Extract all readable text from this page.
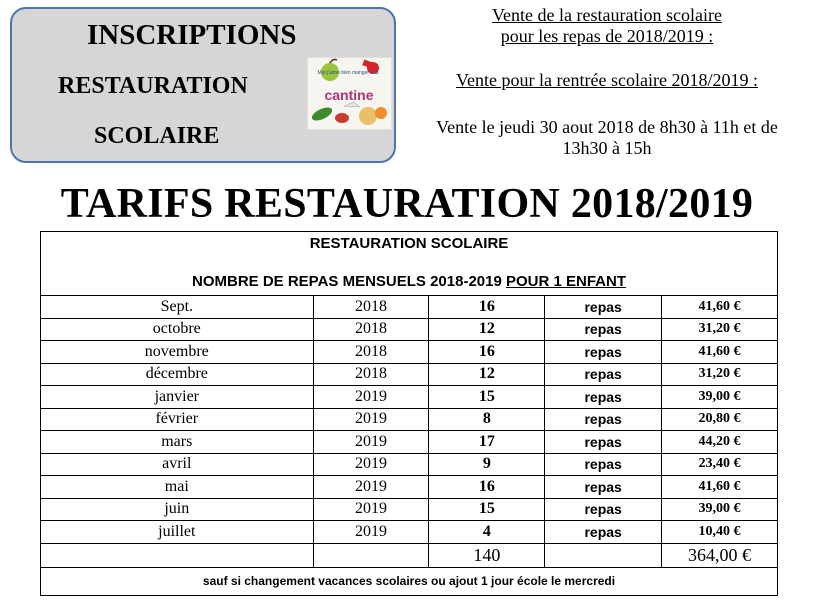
INSCRIPTIONS
RESTAURATION
SCOLAIRE
Moi j'aime bien manger à la
cantine
Vente de la restauration scolaire
pour les repas de 2018/2019 :
Vente pour la rentrée scolaire 2018/2019 :
Vente le jeudi 30 aout 2018 de 8h30 à 11h et de
13h30 à 15h
TARIFS RESTAURATION 2018/2019
RESTAURATION SCOLAIRE
NOMBRE DE REPAS MENSUELS 2018-2019 POUR 1 ENFANT				

Sept.	2018	16	repas	41,60 €
octobre	2018	12	repas	31,20 €
novembre	2018	16	repas	41,60 €
décembre	2018	12	repas	31,20 €
janvier	2019	15	repas	39,00 €
février	2019	8	repas	20,80 €
mars	2019	17	repas	44,20 €
avril	2019	9	repas	23,40 €
mai	2019	16	repas	41,60 €
juin	2019	15	repas	39,00 €
juillet	2019	4	repas	10,40 €
		140		364,00 €
sauf si changement vacances scolaires ou ajout 1 jour école le mercredi				
